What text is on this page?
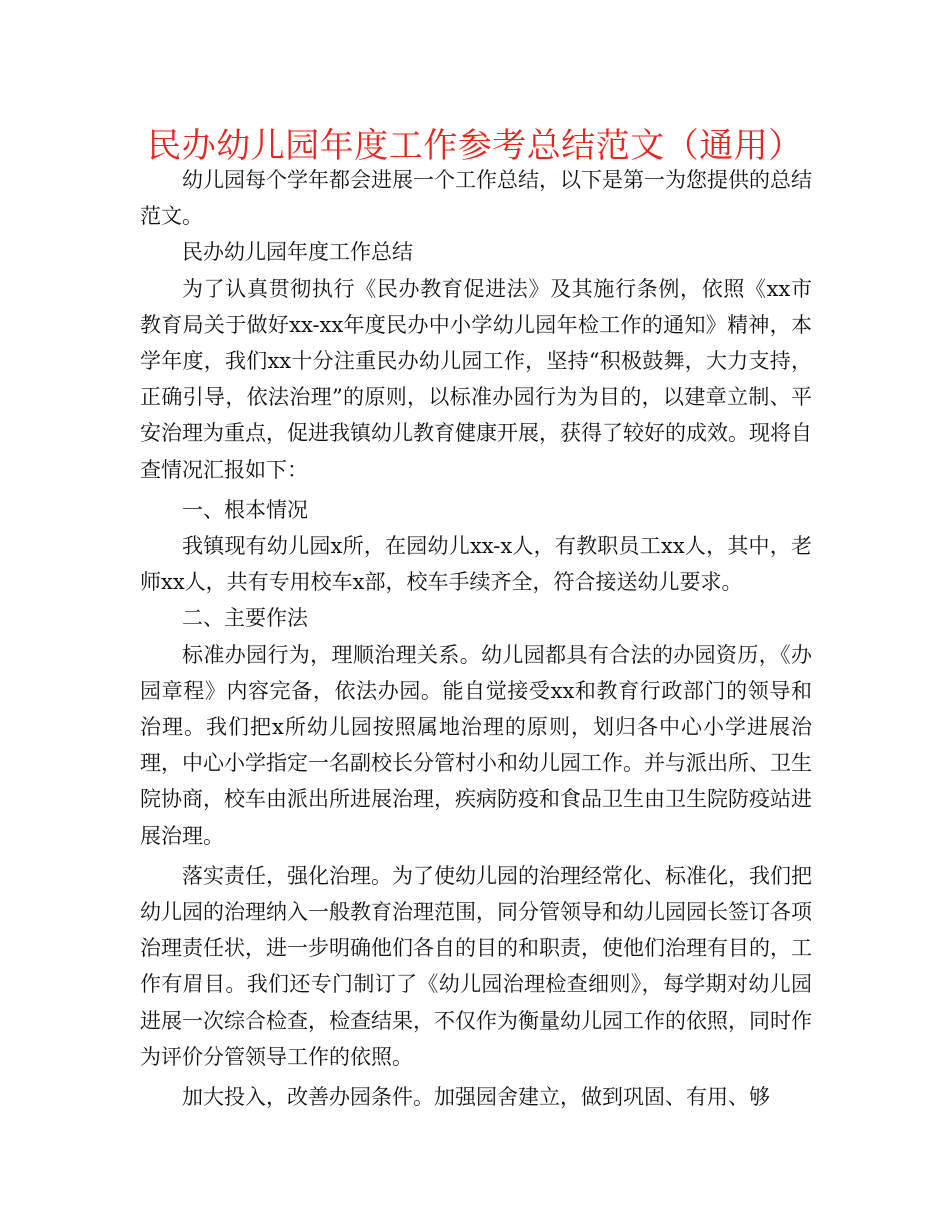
民办幼儿园年度工作参考总结范文（通用）

幼儿园每个学年都会进展一个工作总结，以下是第一为您提供的总结范文。

民办幼儿园年度工作总结

为了认真贯彻执行《民办教育促进法》及其施行条例，依照《xx市教育局关于做好xx-xx年度民办中小学幼儿园年检工作的通知》精神，本学年度，我们xx十分注重民办幼儿园工作，坚持“积极鼓舞，大力支持，正确引导，依法治理”的原则，以标准办园行为为目的，以建章立制、平安治理为重点，促进我镇幼儿教育健康开展，获得了较好的成效。现将自查情况汇报如下：

一、根本情况

我镇现有幼儿园x所，在园幼儿xx-x人，有教职员工xx人，其中，老师xx人，共有专用校车x部，校车手续齐全，符合接送幼儿要求。

二、主要作法

标准办园行为，理顺治理关系。幼儿园都具有合法的办园资历，《办园章程》内容完备，依法办园。能自觉接受xx和教育行政部门的领导和治理。我们把x所幼儿园按照属地治理的原则，划归各中心小学进展治理，中心小学指定一名副校长分管村小和幼儿园工作。并与派出所、卫生院协商，校车由派出所进展治理，疾病防疫和食品卫生由卫生院防疫站进展治理。

落实责任，强化治理。为了使幼儿园的治理经常化、标准化，我们把幼儿园的治理纳入一般教育治理范围，同分管领导和幼儿园园长签订各项治理责任状，进一步明确他们各自的目的和职责，使他们治理有目的，工作有眉目。我们还专门制订了《幼儿园治理检查细则》，每学期对幼儿园进展一次综合检查，检查结果，不仅作为衡量幼儿园工作的依照，同时作为评价分管领导工作的依照。

加大投入，改善办园条件。加强园舍建立，做到巩固、有用、够
